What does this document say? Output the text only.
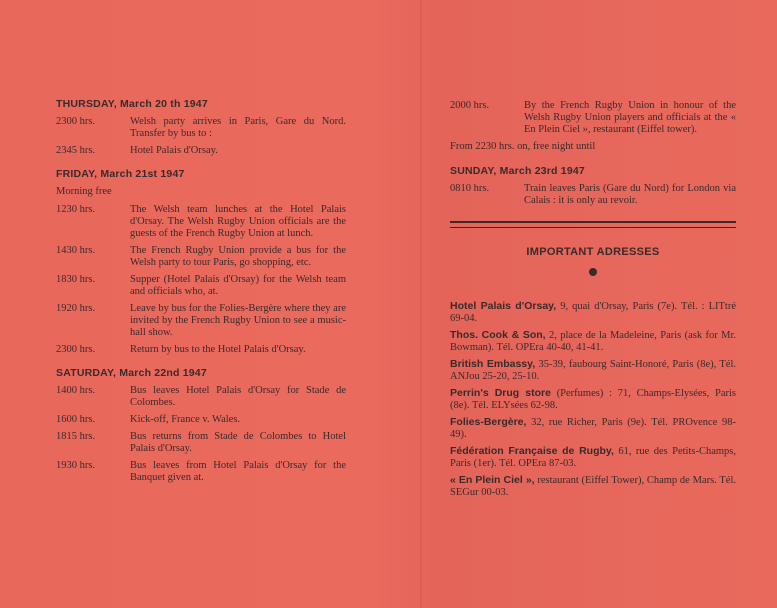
THURSDAY, March 20 th 1947
2300 hrs.	Welsh party arrives in Paris, Gare du Nord. Transfer by bus to :
2345 hrs.	Hotel Palais d'Orsay.
FRIDAY, March 21st 1947
Morning free
1230 hrs.	The Welsh team lunches at the Hotel Palais d'Orsay. The Welsh Rugby Union officials are the guests of the French Rugby Union at lunch.
1430 hrs.	The French Rugby Union provide a bus for the Welsh party to tour Paris, go shopping, etc.
1830 hrs.	Supper (Hotel Palais d'Orsay) for the Welsh team and officials who, at.
1920 hrs.	Leave by bus for the Folies-Bergère where they are invited by the French Rugby Union to see a music-hall show.
2300 hrs.	Return by bus to the Hotel Palais d'Orsay.
SATURDAY, March 22nd 1947
1400 hrs.	Bus leaves Hotel Palais d'Orsay for Stade de Colombes.
1600 hrs.	Kick-off, France v. Wales.
1815 hrs.	Bus returns from Stade de Colombes to Hotel Palais d'Orsay.
1930 hrs.	Bus leaves from Hotel Palais d'Orsay for the Banquet given at.
2000 hrs.	By the French Rugby Union in honour of the Welsh Rugby Union players and officials at the « En Plein Ciel », restaurant (Eiffel tower).
From 2230 hrs. on, free night until
SUNDAY, March 23rd 1947
0810 hrs.	Train leaves Paris (Gare du Nord) for London via Calais : it is only au revoir.
IMPORTANT ADRESSES
Hotel Palais d'Orsay, 9, quai d'Orsay, Paris (7e). Tél. : LITtré 69-04.
Thos. Cook & Son, 2, place de la Madeleine, Paris (ask for Mr. Bowman). Tél. OPEra 40-40, 41-41.
British Embassy, 35-39, faubourg Saint-Honoré, Paris (8e), Tél. ANJou 25-20, 25-10.
Perrin's Drug store (Perfumes) : 71, Champs-Elysées, Paris (8e). Tél. ELYsées 62-98.
Folies-Bergère, 32, rue Richer, Paris (9e). Tél. PROvence 98-49).
Fédération Française de Rugby, 61, rue des Petits-Champs, Paris (1er). Tél. OPEra 87-03.
« En Plein Ciel », restaurant (Eiffel Tower), Champ de Mars. Tél. SEGur 00-03.
